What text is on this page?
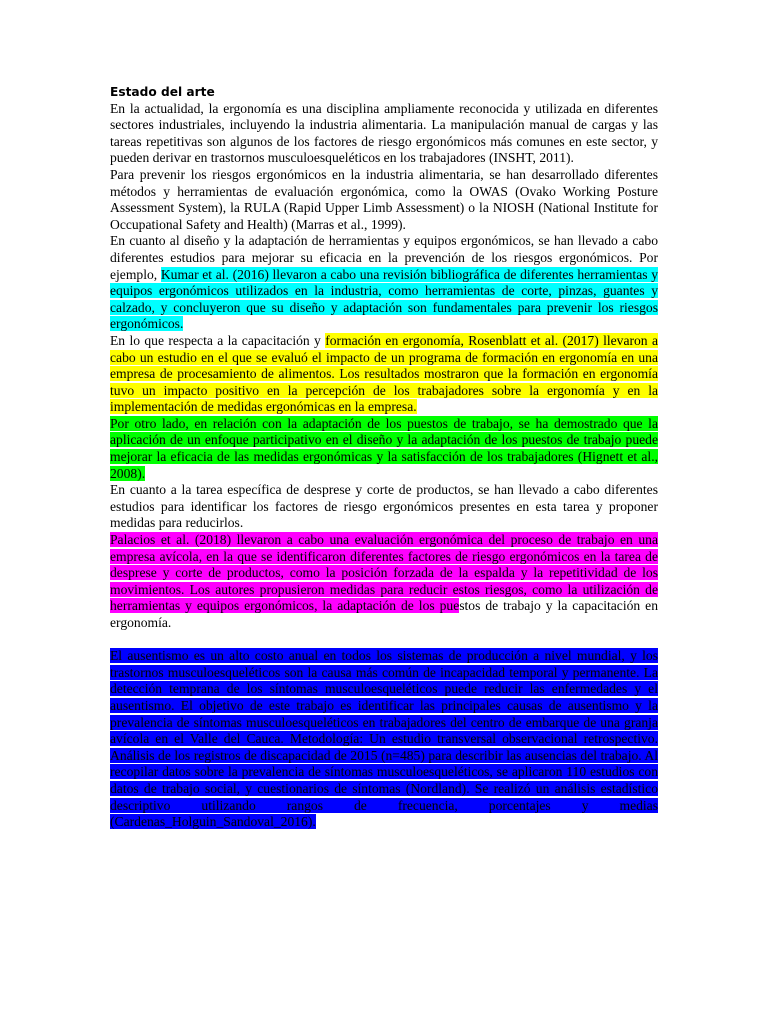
Estado del arte

En la actualidad, la ergonomía es una disciplina ampliamente reconocida y utilizada en diferentes sectores industriales, incluyendo la industria alimentaria. La manipulación manual de cargas y las tareas repetitivas son algunos de los factores de riesgo ergonómicos más comunes en este sector, y pueden derivar en trastornos musculoesqueléticos en los trabajadores (INSHT, 2011).

Para prevenir los riesgos ergonómicos en la industria alimentaria, se han desarrollado diferentes métodos y herramientas de evaluación ergonómica, como la OWAS (Ovako Working Posture Assessment System), la RULA (Rapid Upper Limb Assessment) o la NIOSH (National Institute for Occupational Safety and Health) (Marras et al., 1999).

En cuanto al diseño y la adaptación de herramientas y equipos ergonómicos, se han llevado a cabo diferentes estudios para mejorar su eficacia en la prevención de los riesgos ergonómicos. Por ejemplo, Kumar et al. (2016) llevaron a cabo una revisión bibliográfica de diferentes herramientas y equipos ergonómicos utilizados en la industria, como herramientas de corte, pinzas, guantes y calzado, y concluyeron que su diseño y adaptación son fundamentales para prevenir los riesgos ergonómicos.

En lo que respecta a la capacitación y formación en ergonomía, Rosenblatt et al. (2017) llevaron a cabo un estudio en el que se evaluó el impacto de un programa de formación en ergonomía en una empresa de procesamiento de alimentos. Los resultados mostraron que la formación en ergonomía tuvo un impacto positivo en la percepción de los trabajadores sobre la ergonomía y en la implementación de medidas ergonómicas en la empresa.

Por otro lado, en relación con la adaptación de los puestos de trabajo, se ha demostrado que la aplicación de un enfoque participativo en el diseño y la adaptación de los puestos de trabajo puede mejorar la eficacia de las medidas ergonómicas y la satisfacción de los trabajadores (Hignett et al., 2008).

En cuanto a la tarea específica de desprese y corte de productos, se han llevado a cabo diferentes estudios para identificar los factores de riesgo ergonómicos presentes en esta tarea y proponer medidas para reducirlos.

Palacios et al. (2018) llevaron a cabo una evaluación ergonómica del proceso de trabajo en una empresa avícola, en la que se identificaron diferentes factores de riesgo ergonómicos en la tarea de desprese y corte de productos, como la posición forzada de la espalda y la repetitividad de los movimientos. Los autores propusieron medidas para reducir estos riesgos, como la utilización de herramientas y equipos ergonómicos, la adaptación de los puestos de trabajo y la capacitación en ergonomía.

El ausentismo es un alto costo anual en todos los sistemas de producción a nivel mundial, y los trastornos musculoesqueléticos son la causa más común de incapacidad temporal y permanente. La detección temprana de los síntomas musculoesqueléticos puede reducir las enfermedades y el ausentismo. El objetivo de este trabajo es identificar las principales causas de ausentismo y la prevalencia de síntomas musculoesqueléticos en trabajadores del centro de embarque de una granja avícola en el Valle del Cauca. Metodología: Un estudio transversal observacional retrospectivo. Análisis de los registros de discapacidad de 2015 (n=485) para describir las ausencias del trabajo. Al recopilar datos sobre la prevalencia de síntomas musculoesqueléticos, se aplicaron 110 estudios con datos de trabajo social, y cuestionarios de síntomas (Nordland). Se realizó un análisis estadístico descriptivo utilizando rangos de frecuencia, porcentajes y medias (Cardenas_Holguin_Sandoval_2016).
